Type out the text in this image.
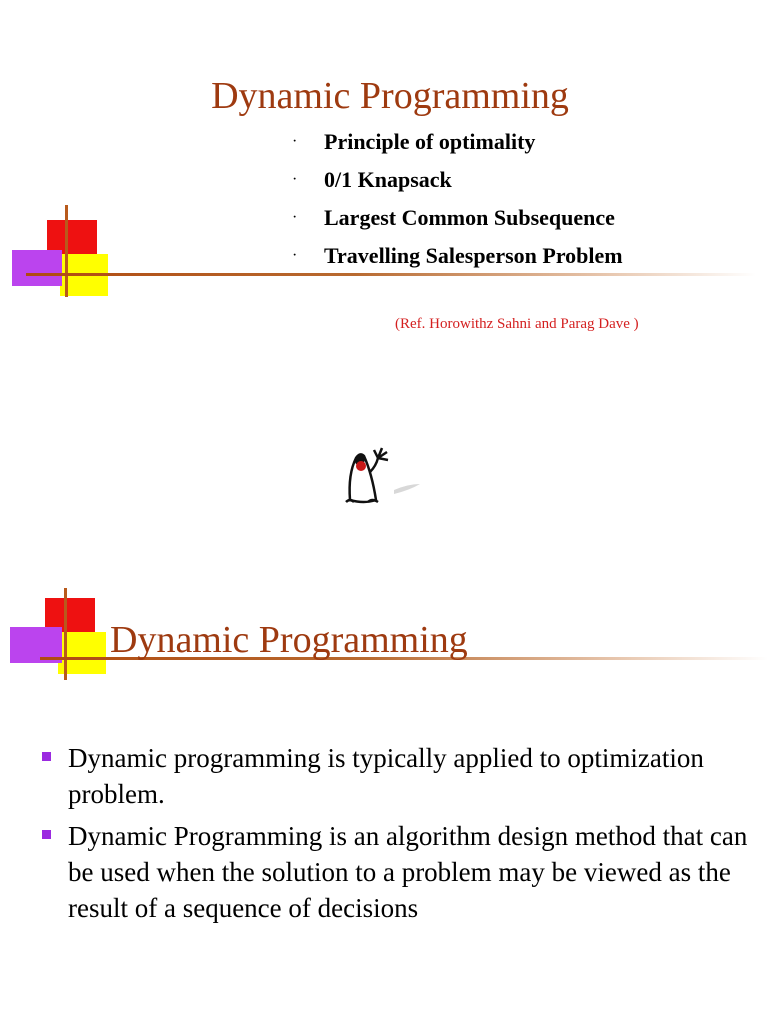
Dynamic Programming
· Principle of optimality
· 0/1 Knapsack
· Largest Common Subsequence
· Travelling Salesperson Problem
(Ref. Horowithz Sahni and Parag Dave )
Dynamic Programming
Dynamic programming is typically applied to optimization problem.
Dynamic Programming is an algorithm design method that can be used when the solution to a problem may be viewed as the result of a sequence of decisions
